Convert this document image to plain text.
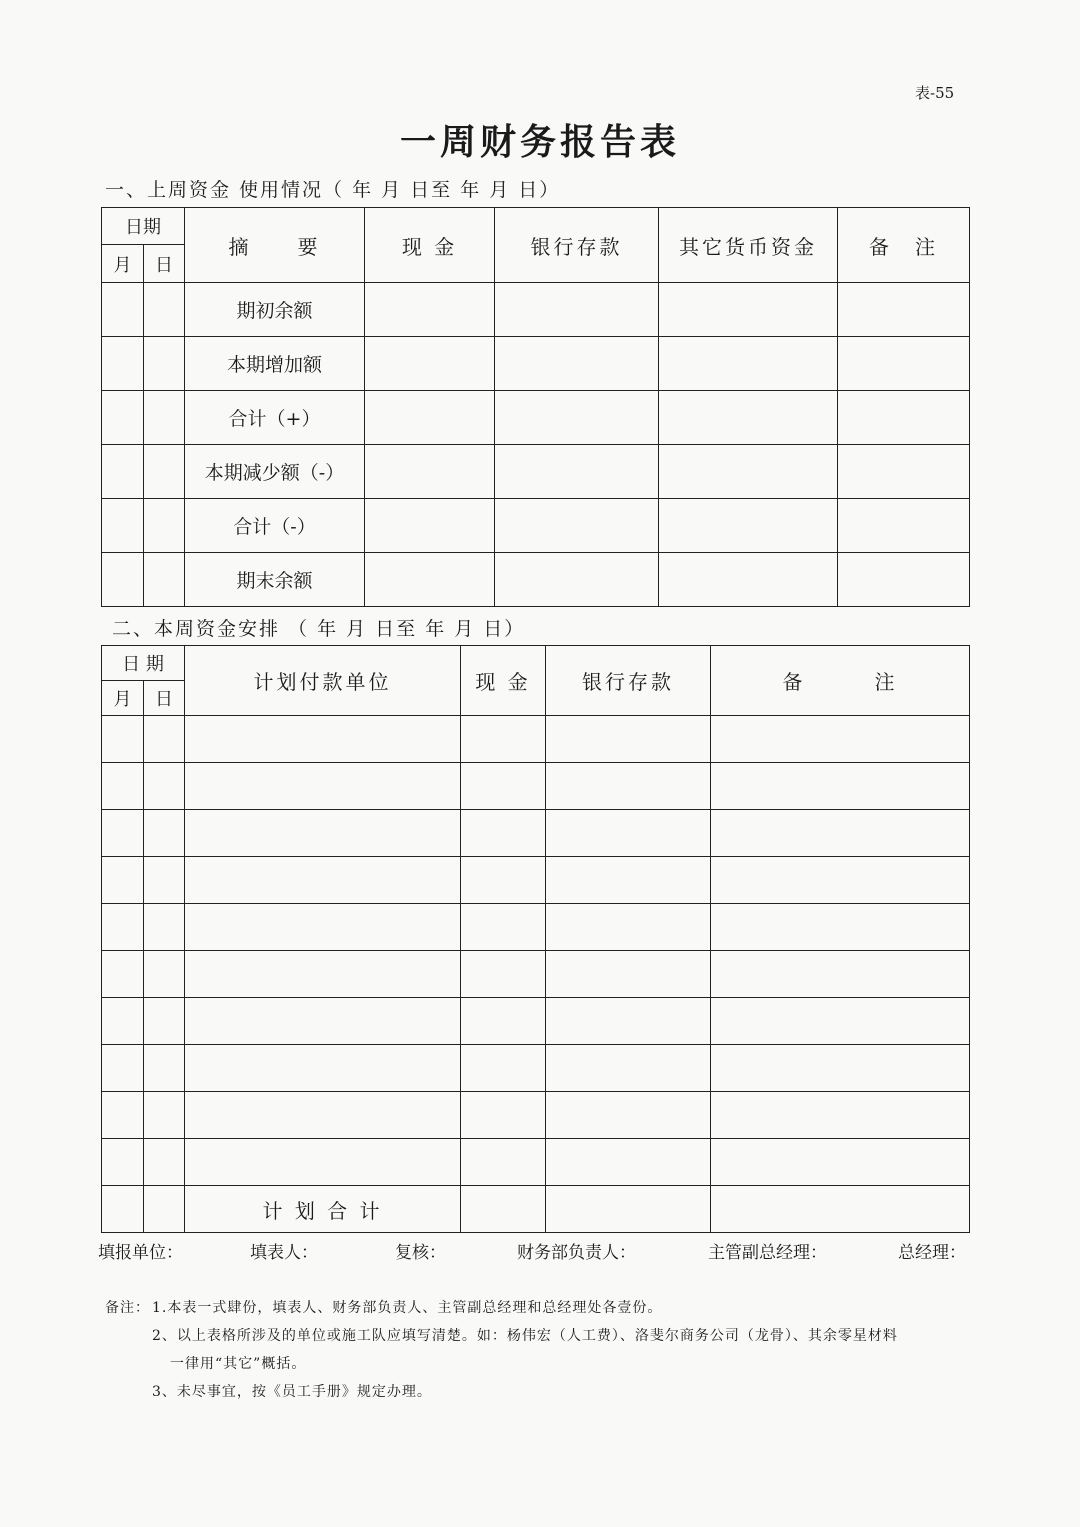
表-55
一周财务报告表
一、上周资金 使用情况（ 年 月 日至 年 月 日）
日期		摘　　要	现 金	银行存款	其它货币资金	备　注
月	日					
		期初余额				
		本期增加额				
		合计（+）				
		本期减少额（-）				
		合计（-）				
		期末余额				
二、本周资金安排 （ 年 月 日至 年 月 日）
日 期		计划付款单位	现 金	银行存款	备　　　注
月	日				

		计 划 合 计			
填报单位：	填表人：	复核：	财务部负责人：	主管副总经理：	总经理：
备注： 1.本表一式肆份，填表人、财务部负责人、主管副总经理和总经理处各壹份。
2、以上表格所涉及的单位或施工队应填写清楚。如：杨伟宏（人工费）、洛斐尔商务公司（龙骨）、其余零星材料
一律用“其它”概括。
3、未尽事宜，按《员工手册》规定办理。
